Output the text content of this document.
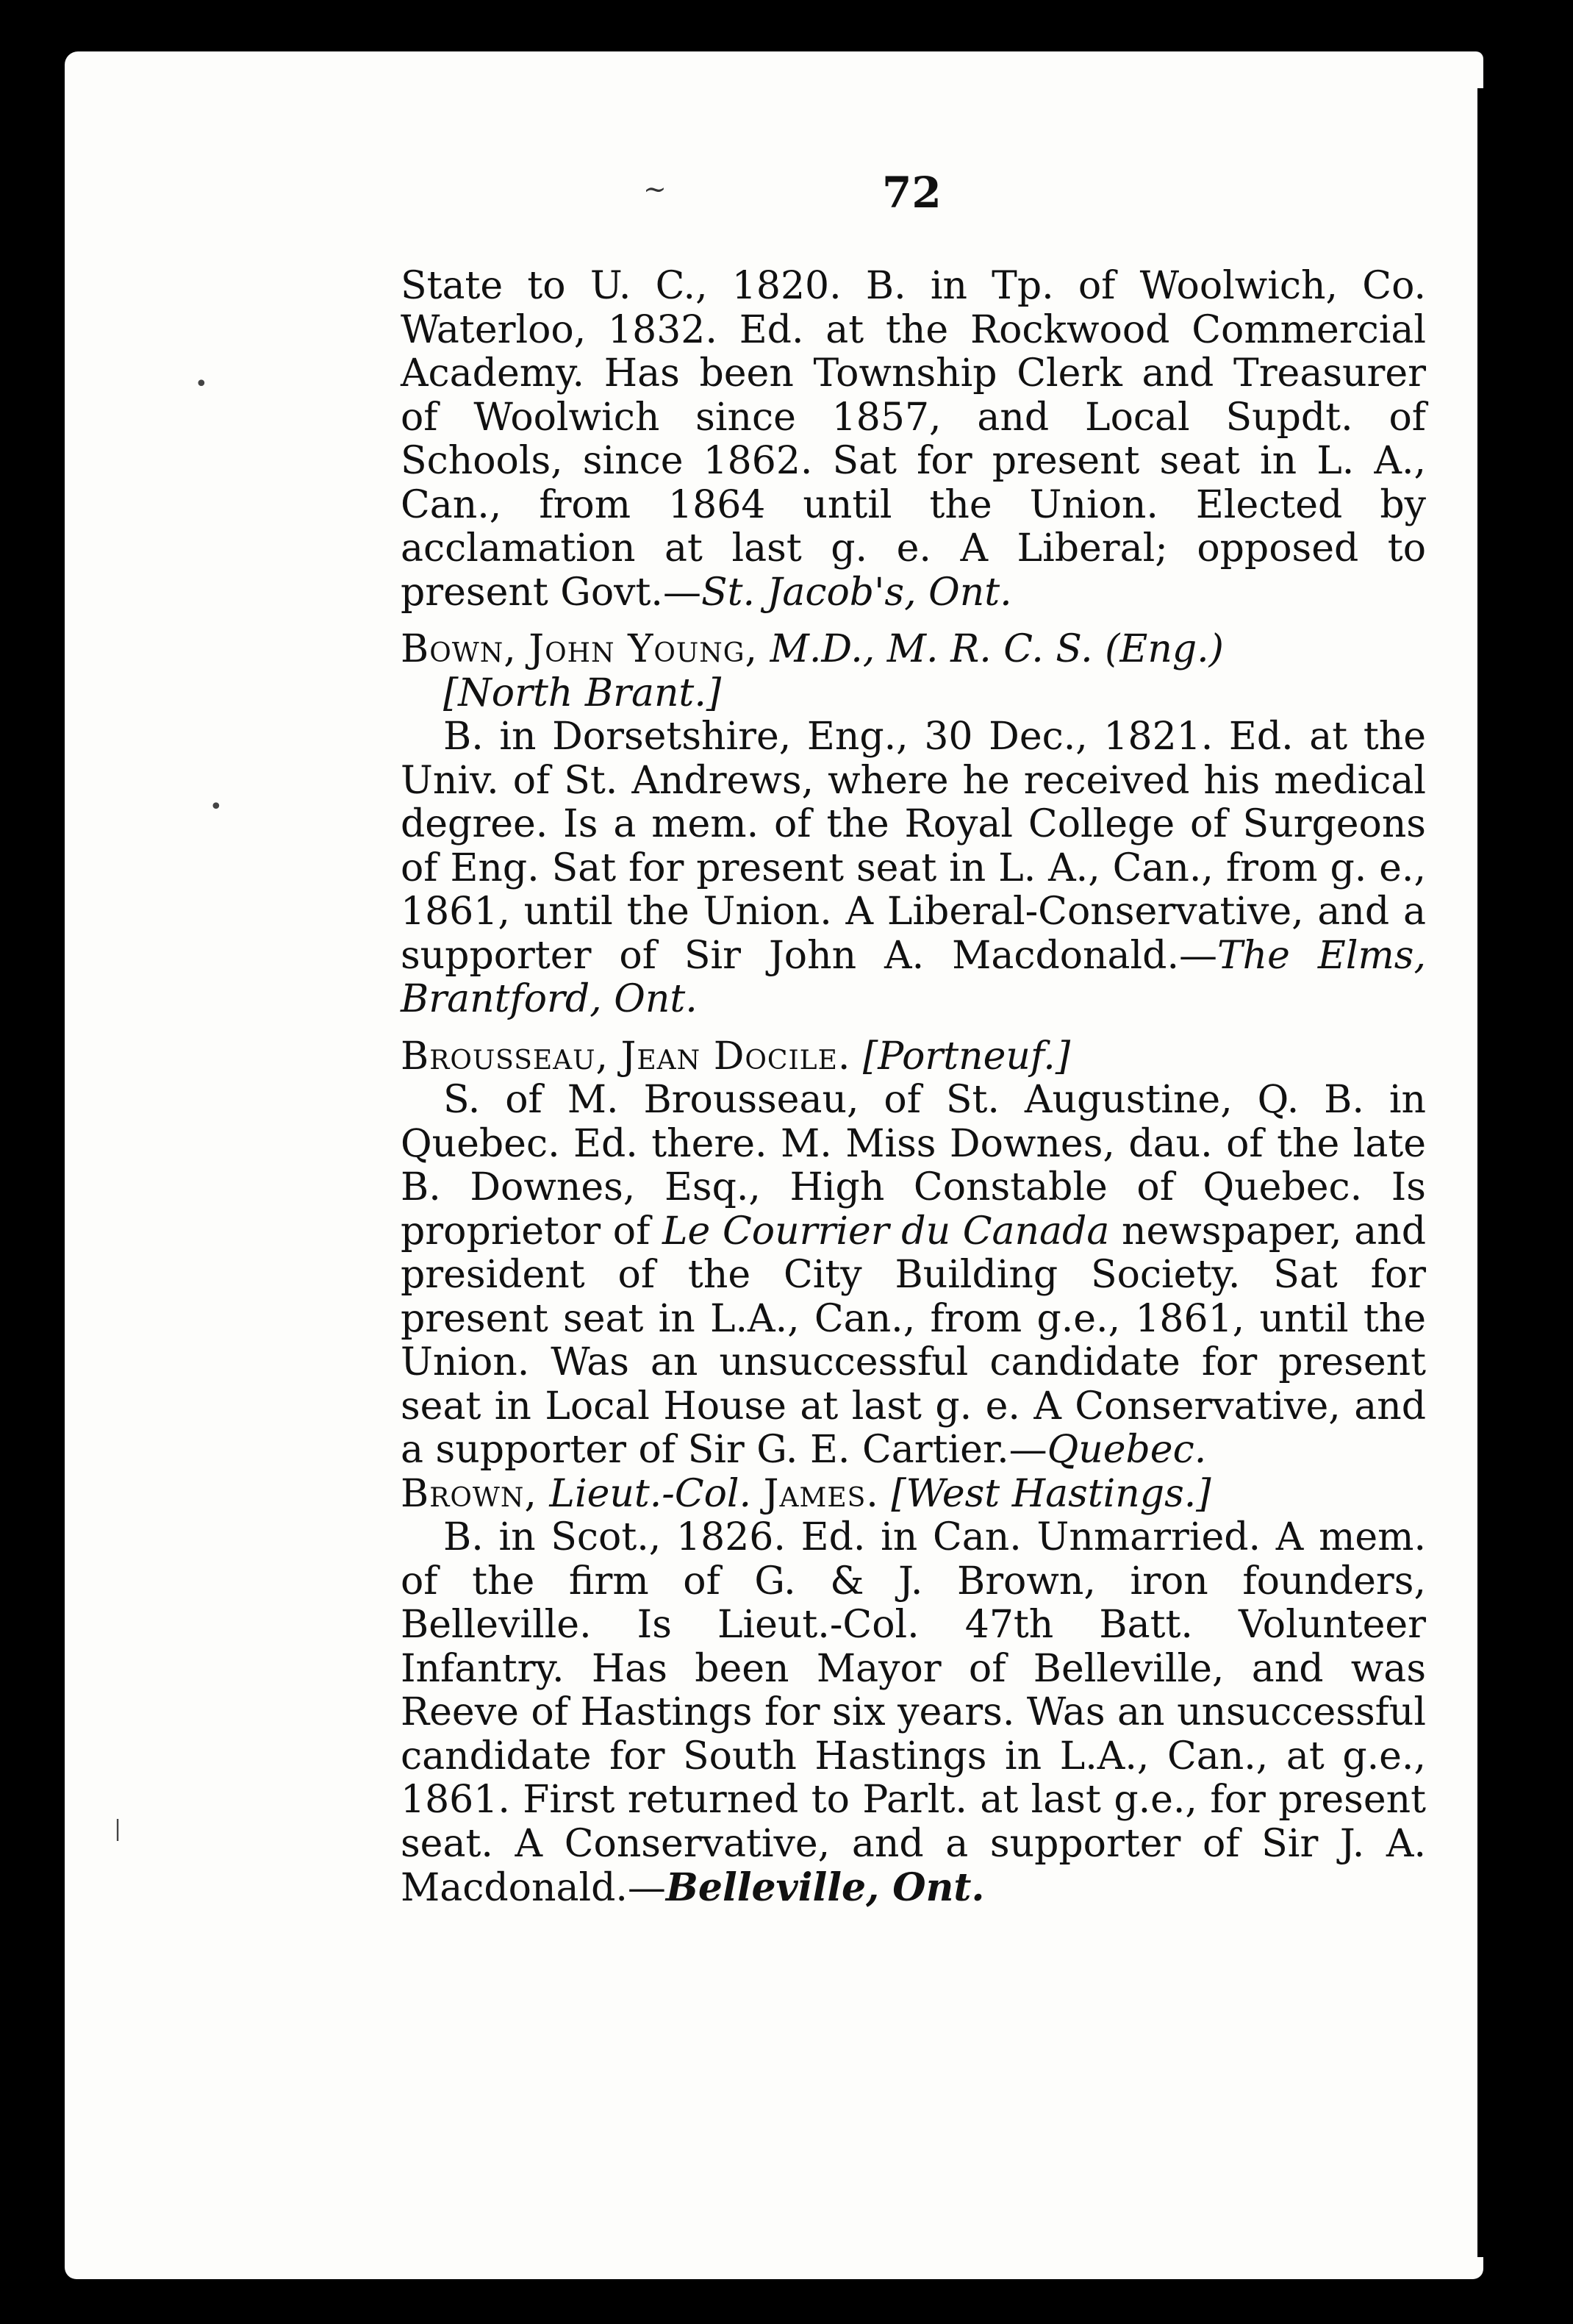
•
•
|
~	72

State to U. C., 1820. B. in Tp. of Woolwich, Co. Waterloo, 1832. Ed. at the Rockwood Commercial Academy. Has been Township Clerk and Treasurer of Woolwich since 1857, and Local Supdt. of Schools, since 1862. Sat for present seat in L. A., Can., from 1864 until the Union. Elected by acclamation at last g. e. A Liberal; opposed to present Govt.—St. Jacob's, Ont.

Bown, John Young, M.D., M. R. C. S. (Eng.)
[North Brant.]

B. in Dorsetshire, Eng., 30 Dec., 1821. Ed. at the Univ. of St. Andrews, where he received his medical degree. Is a mem. of the Royal College of Surgeons of Eng. Sat for present seat in L. A., Can., from g. e., 1861, until the Union. A Liberal-Conservative, and a supporter of Sir John A. Macdonald.—The Elms, Brantford, Ont.

Brousseau, Jean Docile. [Portneuf.]

S. of M. Brousseau, of St. Augustine, Q. B. in Quebec. Ed. there. M. Miss Downes, dau. of the late B. Downes, Esq., High Constable of Quebec. Is proprietor of Le Courrier du Canada newspaper, and president of the City Building Society. Sat for present seat in L.A., Can., from g.e., 1861, until the Union. Was an unsuccessful candidate for present seat in Local House at last g. e. A Conservative, and a supporter of Sir G. E. Cartier.—Quebec.

Brown, Lieut.-Col. James. [West Hastings.]

B. in Scot., 1826. Ed. in Can. Unmarried. A mem. of the firm of G. & J. Brown, iron founders, Belleville. Is Lieut.-Col. 47th Batt. Volunteer Infantry. Has been Mayor of Belleville, and was Reeve of Hastings for six years. Was an unsuccessful candidate for South Hastings in L.A., Can., at g.e., 1861. First returned to Parlt. at last g.e., for present seat. A Conservative, and a supporter of Sir J. A. Macdonald.—Belleville, Ont.
